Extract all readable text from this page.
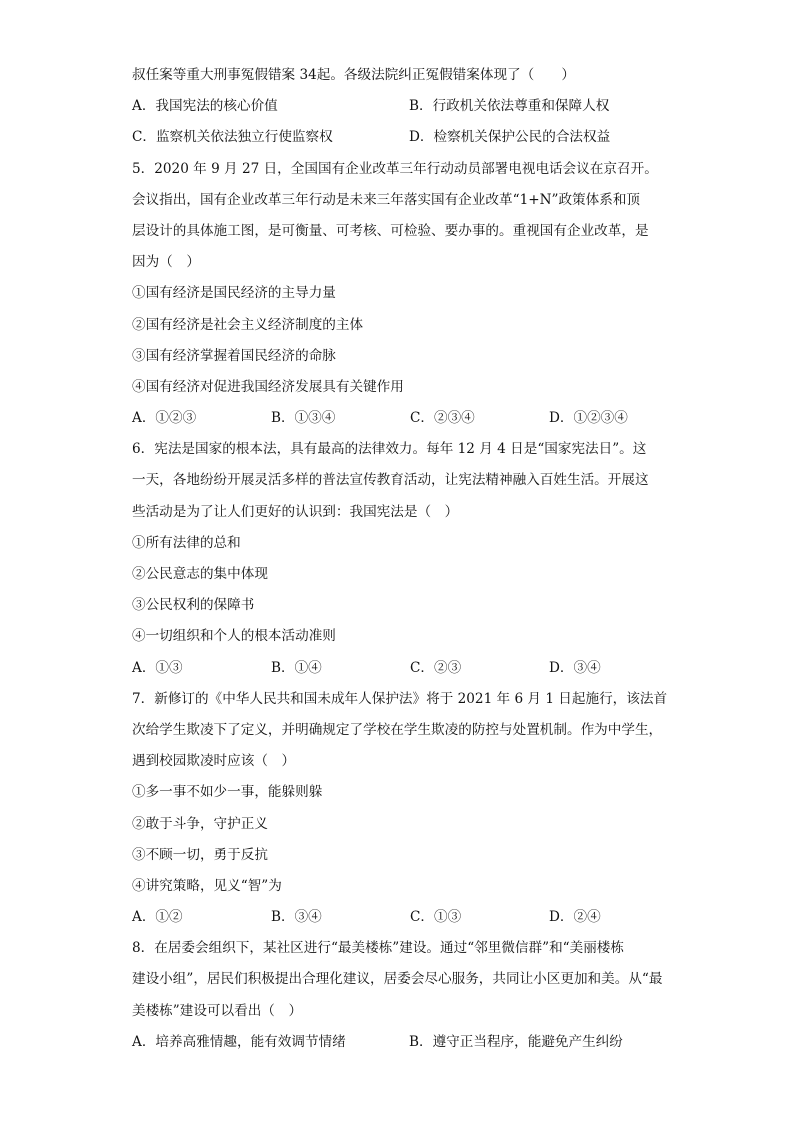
叔任案等重大刑事冤假错案 34起。各级法院纠正冤假错案体现了（　　）
A．我国宪法的核心价值	B．行政机关依法尊重和保障人权
C．监察机关依法独立行使监察权	D．检察机关保护公民的合法权益
5．2020 年 9 月 27 日，全国国有企业改革三年行动动员部署电视电话会议在京召开。
会议指出，国有企业改革三年行动是未来三年落实国有企业改革“1+N”政策体系和顶
层设计的具体施工图，是可衡量、可考核、可检验、要办事的。重视国有企业改革，是
因为（　）
①国有经济是国民经济的主导力量
②国有经济是社会主义经济制度的主体
③国有经济掌握着国民经济的命脉
④国有经济对促进我国经济发展具有关键作用
A．①②③	B．①③④	C．②③④	D．①②③④
6．宪法是国家的根本法，具有最高的法律效力。每年 12 月 4 日是“国家宪法日”。这
一天，各地纷纷开展灵活多样的普法宣传教育活动，让宪法精神融入百姓生活。开展这
些活动是为了让人们更好的认识到：我国宪法是（　）
①所有法律的总和
②公民意志的集中体现
③公民权利的保障书
④一切组织和个人的根本活动准则
A．①③	B．①④	C．②③	D．③④
7．新修订的《中华人民共和国未成年人保护法》将于 2021 年 6 月 1 日起施行，该法首
次给学生欺凌下了定义，并明确规定了学校在学生欺凌的防控与处置机制。作为中学生，
遇到校园欺凌时应该（　）
①多一事不如少一事，能躲则躲
②敢于斗争，守护正义
③不顾一切，勇于反抗
④讲究策略，见义“智”为
A．①②	B．③④	C．①③	D．②④
8．在居委会组织下，某社区进行“最美楼栋”建设。通过“邻里微信群”和“美丽楼栋
建设小组”，居民们积极提出合理化建议，居委会尽心服务，共同让小区更加和美。从“最
美楼栋”建设可以看出（　）
A．培养高雅情趣，能有效调节情绪	B．遵守正当程序，能避免产生纠纷
